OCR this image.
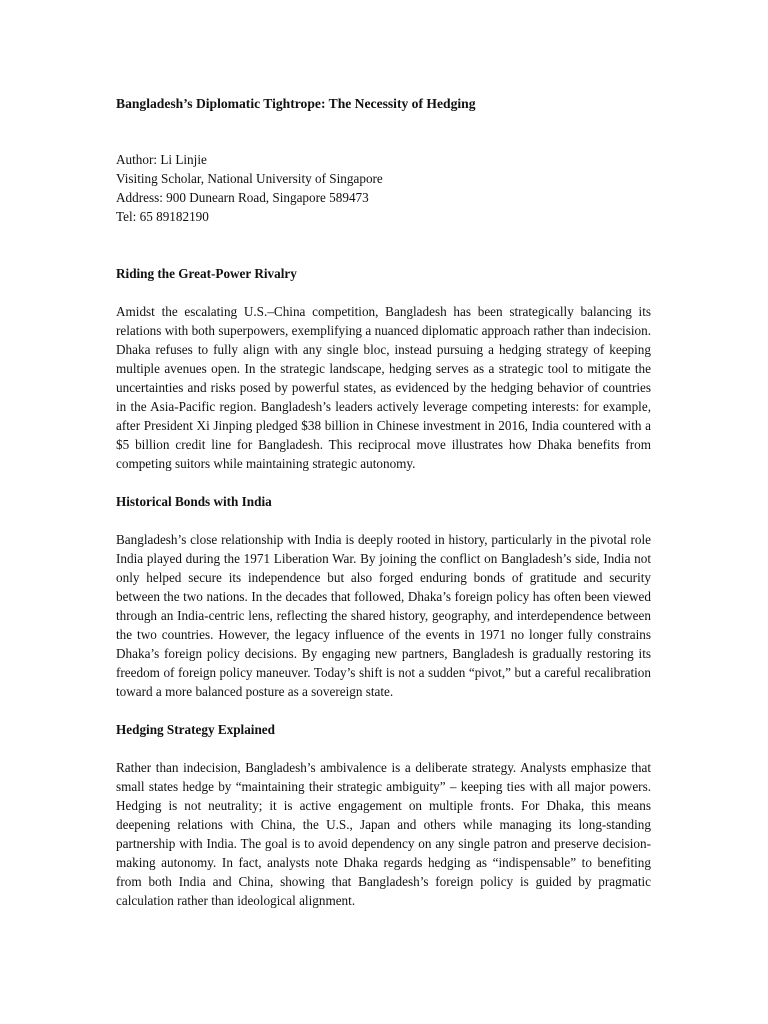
Bangladesh’s Diplomatic Tightrope: The Necessity of Hedging
Author: Li Linjie
Visiting Scholar, National University of Singapore
Address: 900 Dunearn Road, Singapore 589473
Tel: 65 89182190
Riding the Great-Power Rivalry
Amidst the escalating U.S.–China competition, Bangladesh has been strategically balancing its relations with both superpowers, exemplifying a nuanced diplomatic approach rather than indecision. Dhaka refuses to fully align with any single bloc, instead pursuing a hedging strategy of keeping multiple avenues open. In the strategic landscape, hedging serves as a strategic tool to mitigate the uncertainties and risks posed by powerful states, as evidenced by the hedging behavior of countries in the Asia-Pacific region. Bangladesh’s leaders actively leverage competing interests: for example, after President Xi Jinping pledged $38 billion in Chinese investment in 2016, India countered with a $5 billion credit line for Bangladesh. This reciprocal move illustrates how Dhaka benefits from competing suitors while maintaining strategic autonomy.
Historical Bonds with India
Bangladesh’s close relationship with India is deeply rooted in history, particularly in the pivotal role India played during the 1971 Liberation War. By joining the conflict on Bangladesh’s side, India not only helped secure its independence but also forged enduring bonds of gratitude and security between the two nations. In the decades that followed, Dhaka’s foreign policy has often been viewed through an India-centric lens, reflecting the shared history, geography, and interdependence between the two countries. However, the legacy influence of the events in 1971 no longer fully constrains Dhaka’s foreign policy decisions. By engaging new partners, Bangladesh is gradually restoring its freedom of foreign policy maneuver. Today’s shift is not a sudden “pivot,” but a careful recalibration toward a more balanced posture as a sovereign state.
Hedging Strategy Explained
Rather than indecision, Bangladesh’s ambivalence is a deliberate strategy. Analysts emphasize that small states hedge by “maintaining their strategic ambiguity” – keeping ties with all major powers. Hedging is not neutrality; it is active engagement on multiple fronts. For Dhaka, this means deepening relations with China, the U.S., Japan and others while managing its long-standing partnership with India. The goal is to avoid dependency on any single patron and preserve decision-making autonomy. In fact, analysts note Dhaka regards hedging as “indispensable” to benefiting from both India and China, showing that Bangladesh’s foreign policy is guided by pragmatic calculation rather than ideological alignment.
